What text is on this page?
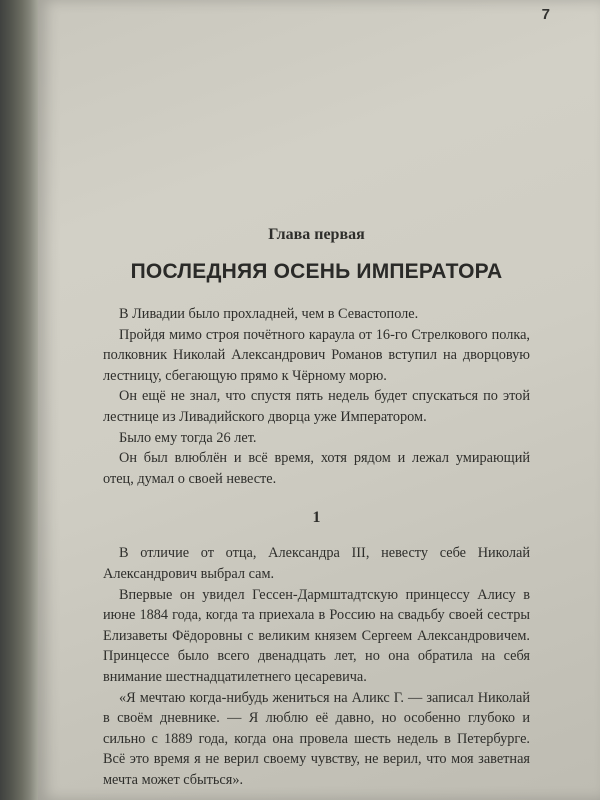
7
Глава первая
ПОСЛЕДНЯЯ ОСЕНЬ ИМПЕРАТОРА

В Ливадии было прохладней, чем в Севастополе.

Пройдя мимо строя почётного караула от 16-го Стрелкового полка, полковник Николай Александрович Романов вступил на дворцовую лестницу, сбегающую прямо к Чёрному морю.

Он ещё не знал, что спустя пять недель будет спускаться по этой лестнице из Ливадийского дворца уже Императором.

Было ему тогда 26 лет.

Он был влюблён и всё время, хотя рядом и лежал умирающий отец, думал о своей невесте.

1

В отличие от отца, Александра III, невесту себе Николай Александрович выбрал сам.

Впервые он увидел Гессен-Дармштадтскую принцессу Алису в июне 1884 года, когда та приехала в Россию на свадьбу своей сестры Елизаветы Фёдоровны с великим князем Сергеем Александровичем. Принцессе было всего двенадцать лет, но она обратила на себя внимание шестнадцатилетнего цесаревича.

«Я мечтаю когда-нибудь жениться на Аликс Г. — записал Николай в своём дневнике. — Я люблю её давно, но особенно глубоко и сильно с 1889 года, когда она провела шесть недель в Петербурге. Всё это время я не верил своему чувству, не верил, что моя заветная мечта может сбыться».
